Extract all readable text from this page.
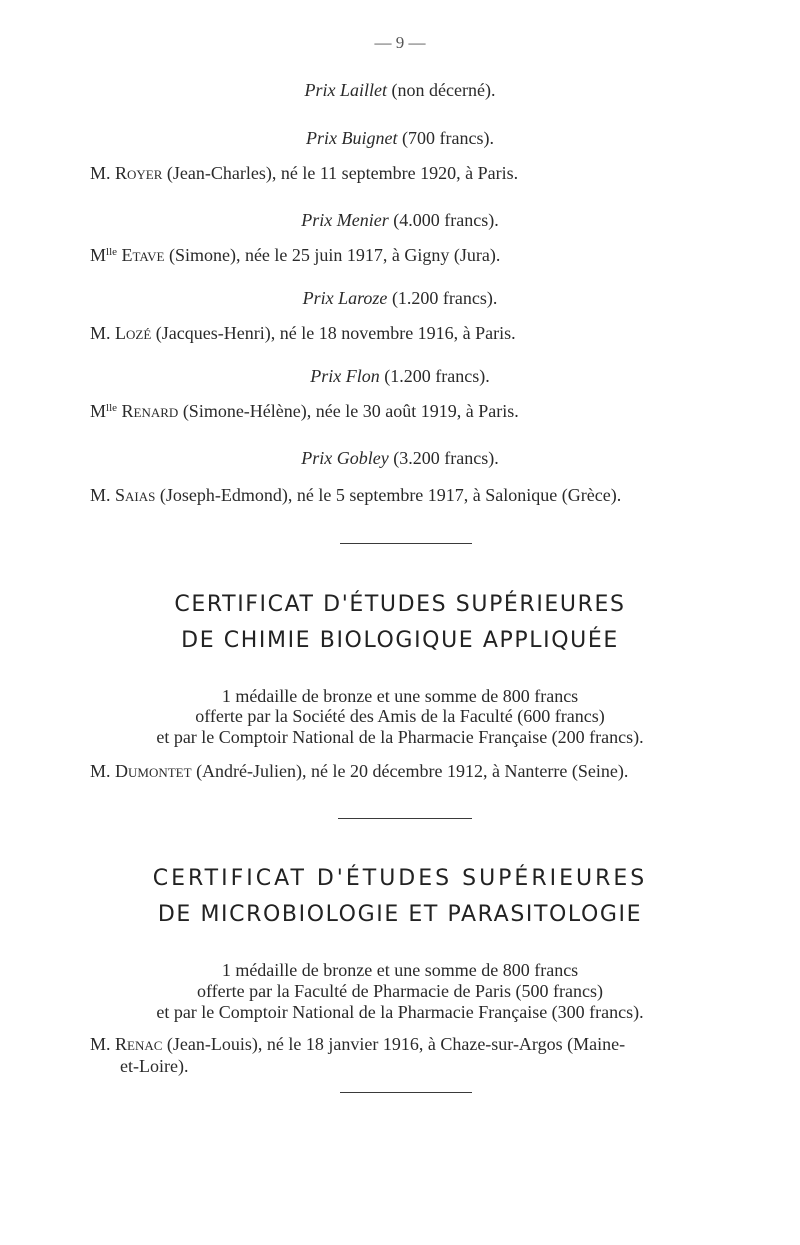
— 9 —
Prix Laillet (non décerné).
Prix Buignet (700 francs).
M. Royer (Jean-Charles), né le 11 septembre 1920, à Paris.
Prix Menier (4.000 francs).
$M^{lle}$ Etave (Simone), née le 25 juin 1917, à Gigny (Jura).
Prix Laroze (1.200 francs).
M. Lozé (Jacques-Henri), né le 18 novembre 1916, à Paris.
Prix Flon (1.200 francs).
$M^{lle}$ Renard (Simone-Hélène), née le 30 août 1919, à Paris.
Prix Gobley (3.200 francs).
M. Saias (Joseph-Edmond), né le 5 septembre 1917, à Salonique (Grèce).
CERTIFICAT D'ÉTUDES SUPÉRIEURES
DE CHIMIE BIOLOGIQUE APPLIQUÉE
1 médaille de bronze et une somme de 800 francs
offerte par la Société des Amis de la Faculté (600 francs)
et par le Comptoir National de la Pharmacie Française (200 francs).
M. Dumontet (André-Julien), né le 20 décembre 1912, à Nanterre (Seine).
CERTIFICAT D'ÉTUDES SUPÉRIEURES
DE MICROBIOLOGIE ET PARASITOLOGIE
1 médaille de bronze et une somme de 800 francs
offerte par la Faculté de Pharmacie de Paris (500 francs)
et par le Comptoir National de la Pharmacie Française (300 francs).
M. Renac (Jean-Louis), né le 18 janvier 1916, à Chaze-sur-Argos (Maine-
et-Loire).
